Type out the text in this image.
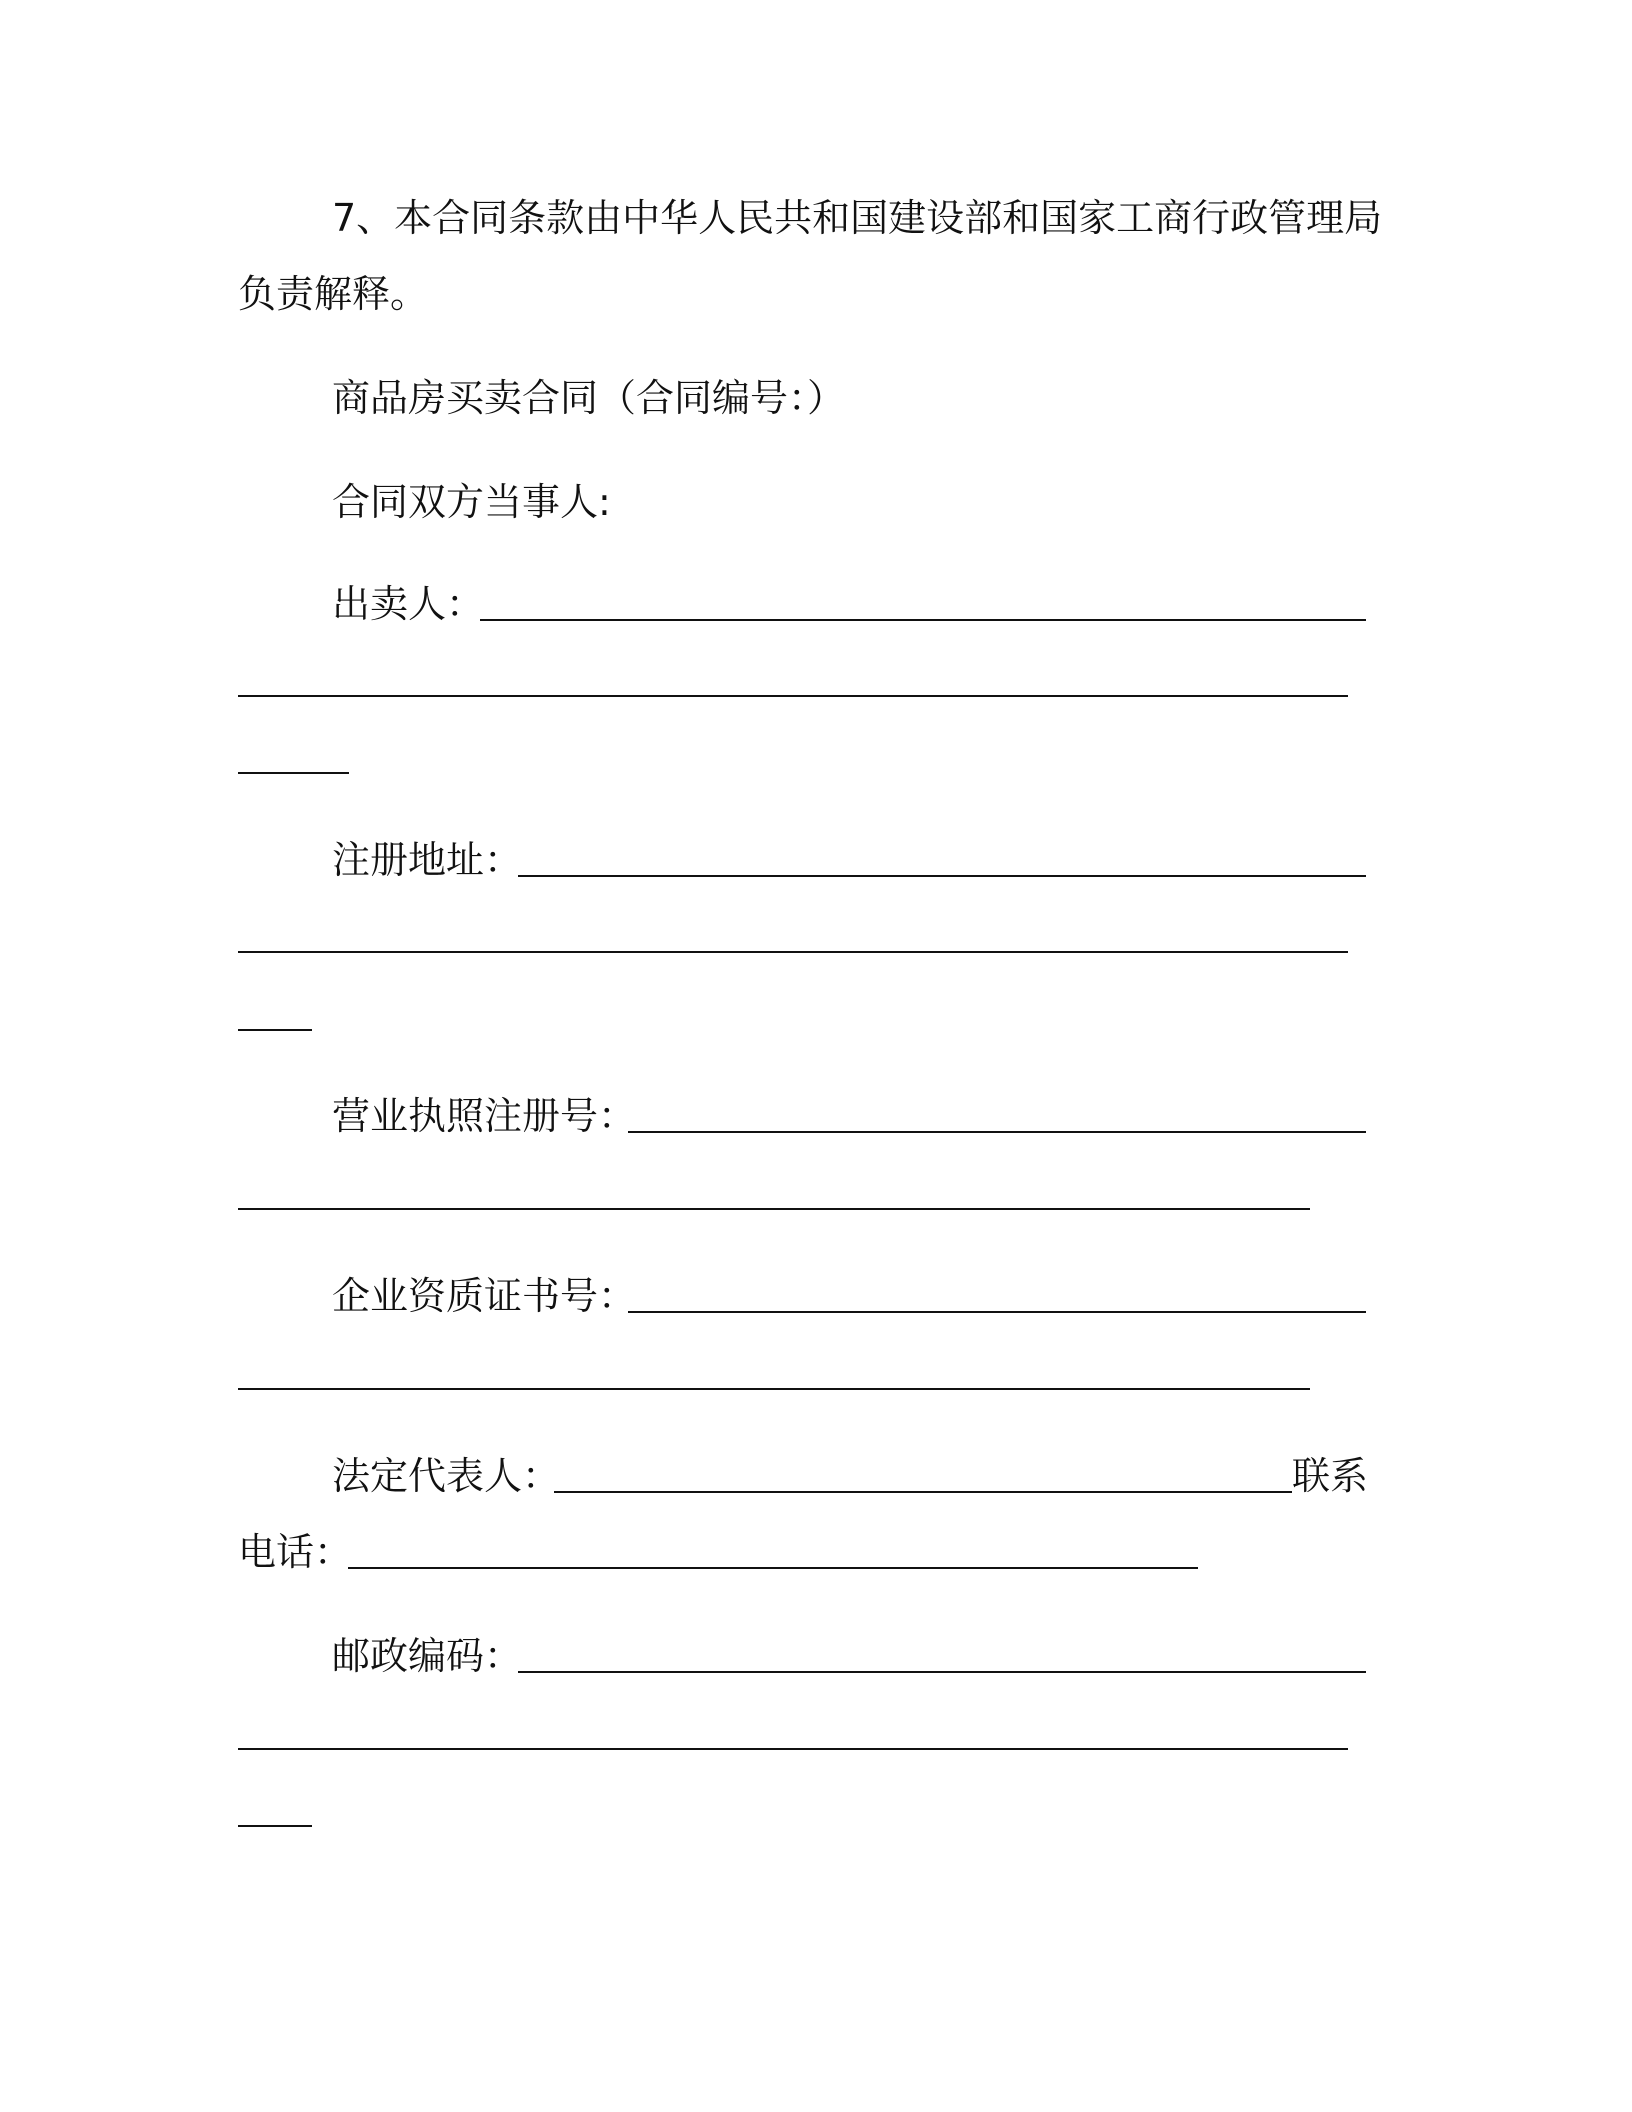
7、本合同条款由中华人民共和国建设部和国家工商行政管理局
负责解释。
商品房买卖合同（合同编号：）
合同双方当事人:
出卖人：
注册地址：
营业执照注册号：
企业资质证书号：
法定代表人：	联系
电话：
邮政编码：
